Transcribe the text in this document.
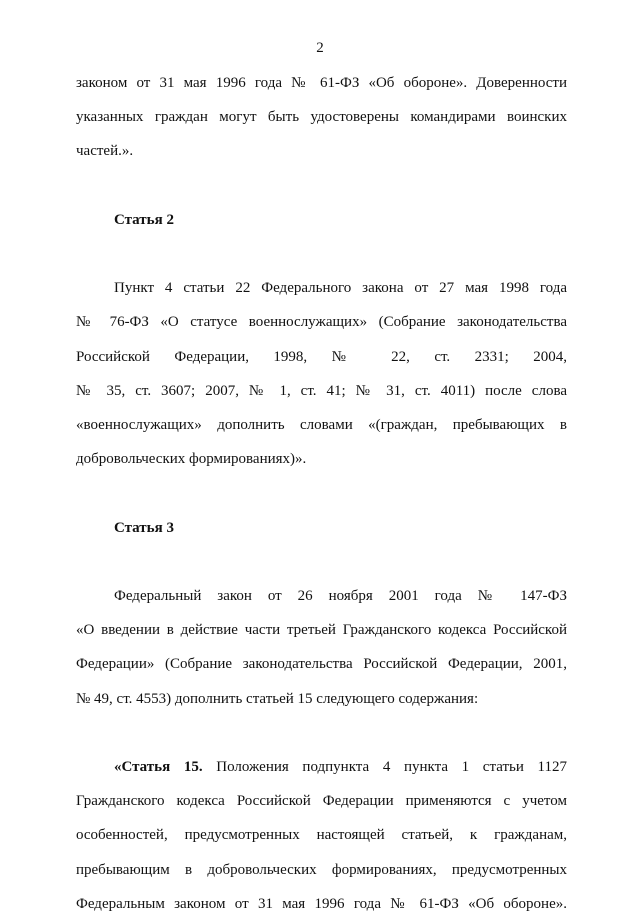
2
законом от 31 мая 1996 года № 61-ФЗ «Об обороне». Доверенности
указанных граждан могут быть удостоверены командирами воинских
частей.».

Статья 2

Пункт 4 статьи 22 Федерального закона от 27 мая 1998 года
№ 76-ФЗ «О статусе военнослужащих» (Собрание законодательства
Российской Федерации, 1998, № 22, ст. 2331; 2004,
№ 35, ст. 3607; 2007, № 1, ст. 41; № 31, ст. 4011) после слова
«военнослужащих» дополнить словами «(граждан, пребывающих в
добровольческих формированиях)».

Статья 3

Федеральный закон от 26 ноября 2001 года № 147-ФЗ
«О введении в действие части третьей Гражданского кодекса Российской
Федерации» (Собрание законодательства Российской Федерации, 2001,
№ 49, ст. 4553) дополнить статьей 15 следующего содержания:
«Статья 15. Положения подпункта 4 пункта 1 статьи 1127
Гражданского кодекса Российской Федерации применяются с учетом
особенностей, предусмотренных настоящей статьей, к гражданам,
пребывающим в добровольческих формированиях, предусмотренных
Федеральным законом от 31 мая 1996 года № 61-ФЗ «Об обороне».
